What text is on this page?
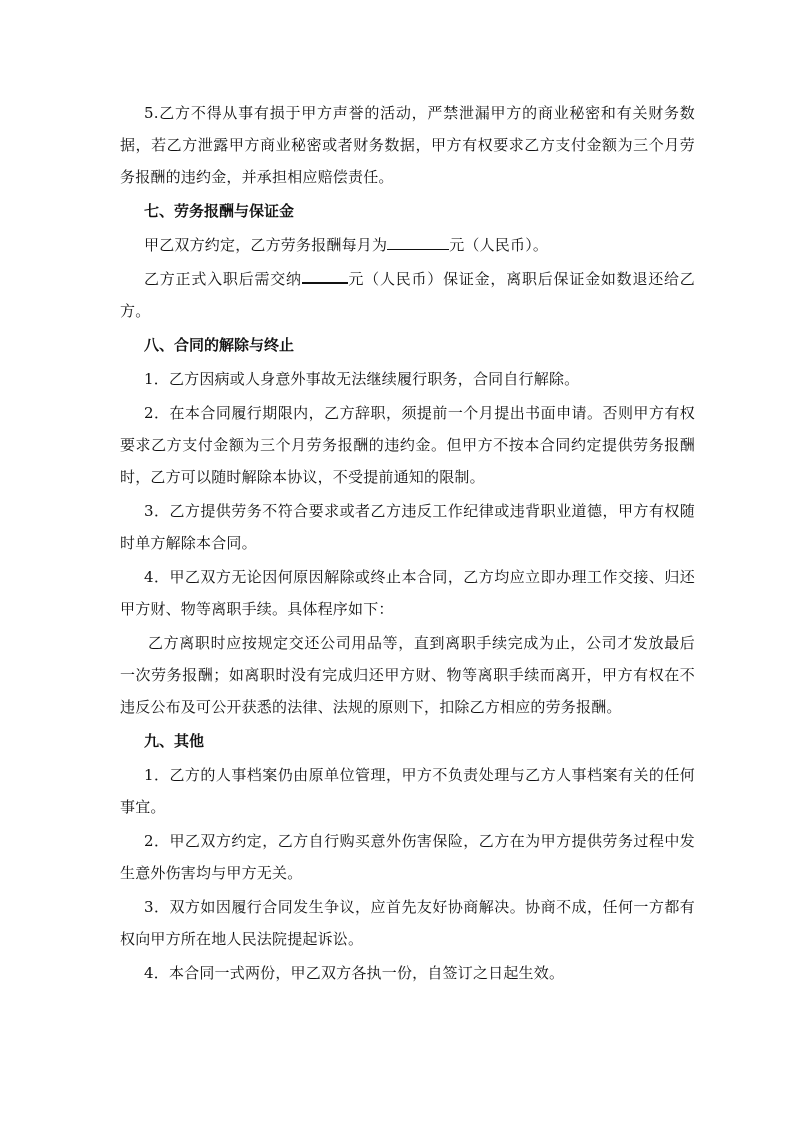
5.乙方不得从事有损于甲方声誉的活动，严禁泄漏甲方的商业秘密和有关财务数据，若乙方泄露甲方商业秘密或者财务数据，甲方有权要求乙方支付金额为三个月劳务报酬的违约金，并承担相应赔偿责任。

七、劳务报酬与保证金

甲乙双方约定，乙方劳务报酬每月为	元（人民币）。

乙方正式入职后需交纳	元（人民币）保证金，离职后保证金如数退还给乙方。

八、合同的解除与终止

1．乙方因病或人身意外事故无法继续履行职务，合同自行解除。

2．在本合同履行期限内，乙方辞职，须提前一个月提出书面申请。否则甲方有权要求乙方支付金额为三个月劳务报酬的违约金。但甲方不按本合同约定提供劳务报酬时，乙方可以随时解除本协议，不受提前通知的限制。

3．乙方提供劳务不符合要求或者乙方违反工作纪律或违背职业道德，甲方有权随时单方解除本合同。

4．甲乙双方无论因何原因解除或终止本合同，乙方均应立即办理工作交接、归还甲方财、物等离职手续。具体程序如下：

乙方离职时应按规定交还公司用品等，直到离职手续完成为止，公司才发放最后一次劳务报酬；如离职时没有完成归还甲方财、物等离职手续而离开，甲方有权在不违反公布及可公开获悉的法律、法规的原则下，扣除乙方相应的劳务报酬。

九、其他

1．乙方的人事档案仍由原单位管理，甲方不负责处理与乙方人事档案有关的任何事宜。

2．甲乙双方约定，乙方自行购买意外伤害保险，乙方在为甲方提供劳务过程中发生意外伤害均与甲方无关。

3．双方如因履行合同发生争议，应首先友好协商解决。协商不成，任何一方都有权向甲方所在地人民法院提起诉讼。

4．本合同一式两份，甲乙双方各执一份，自签订之日起生效。
